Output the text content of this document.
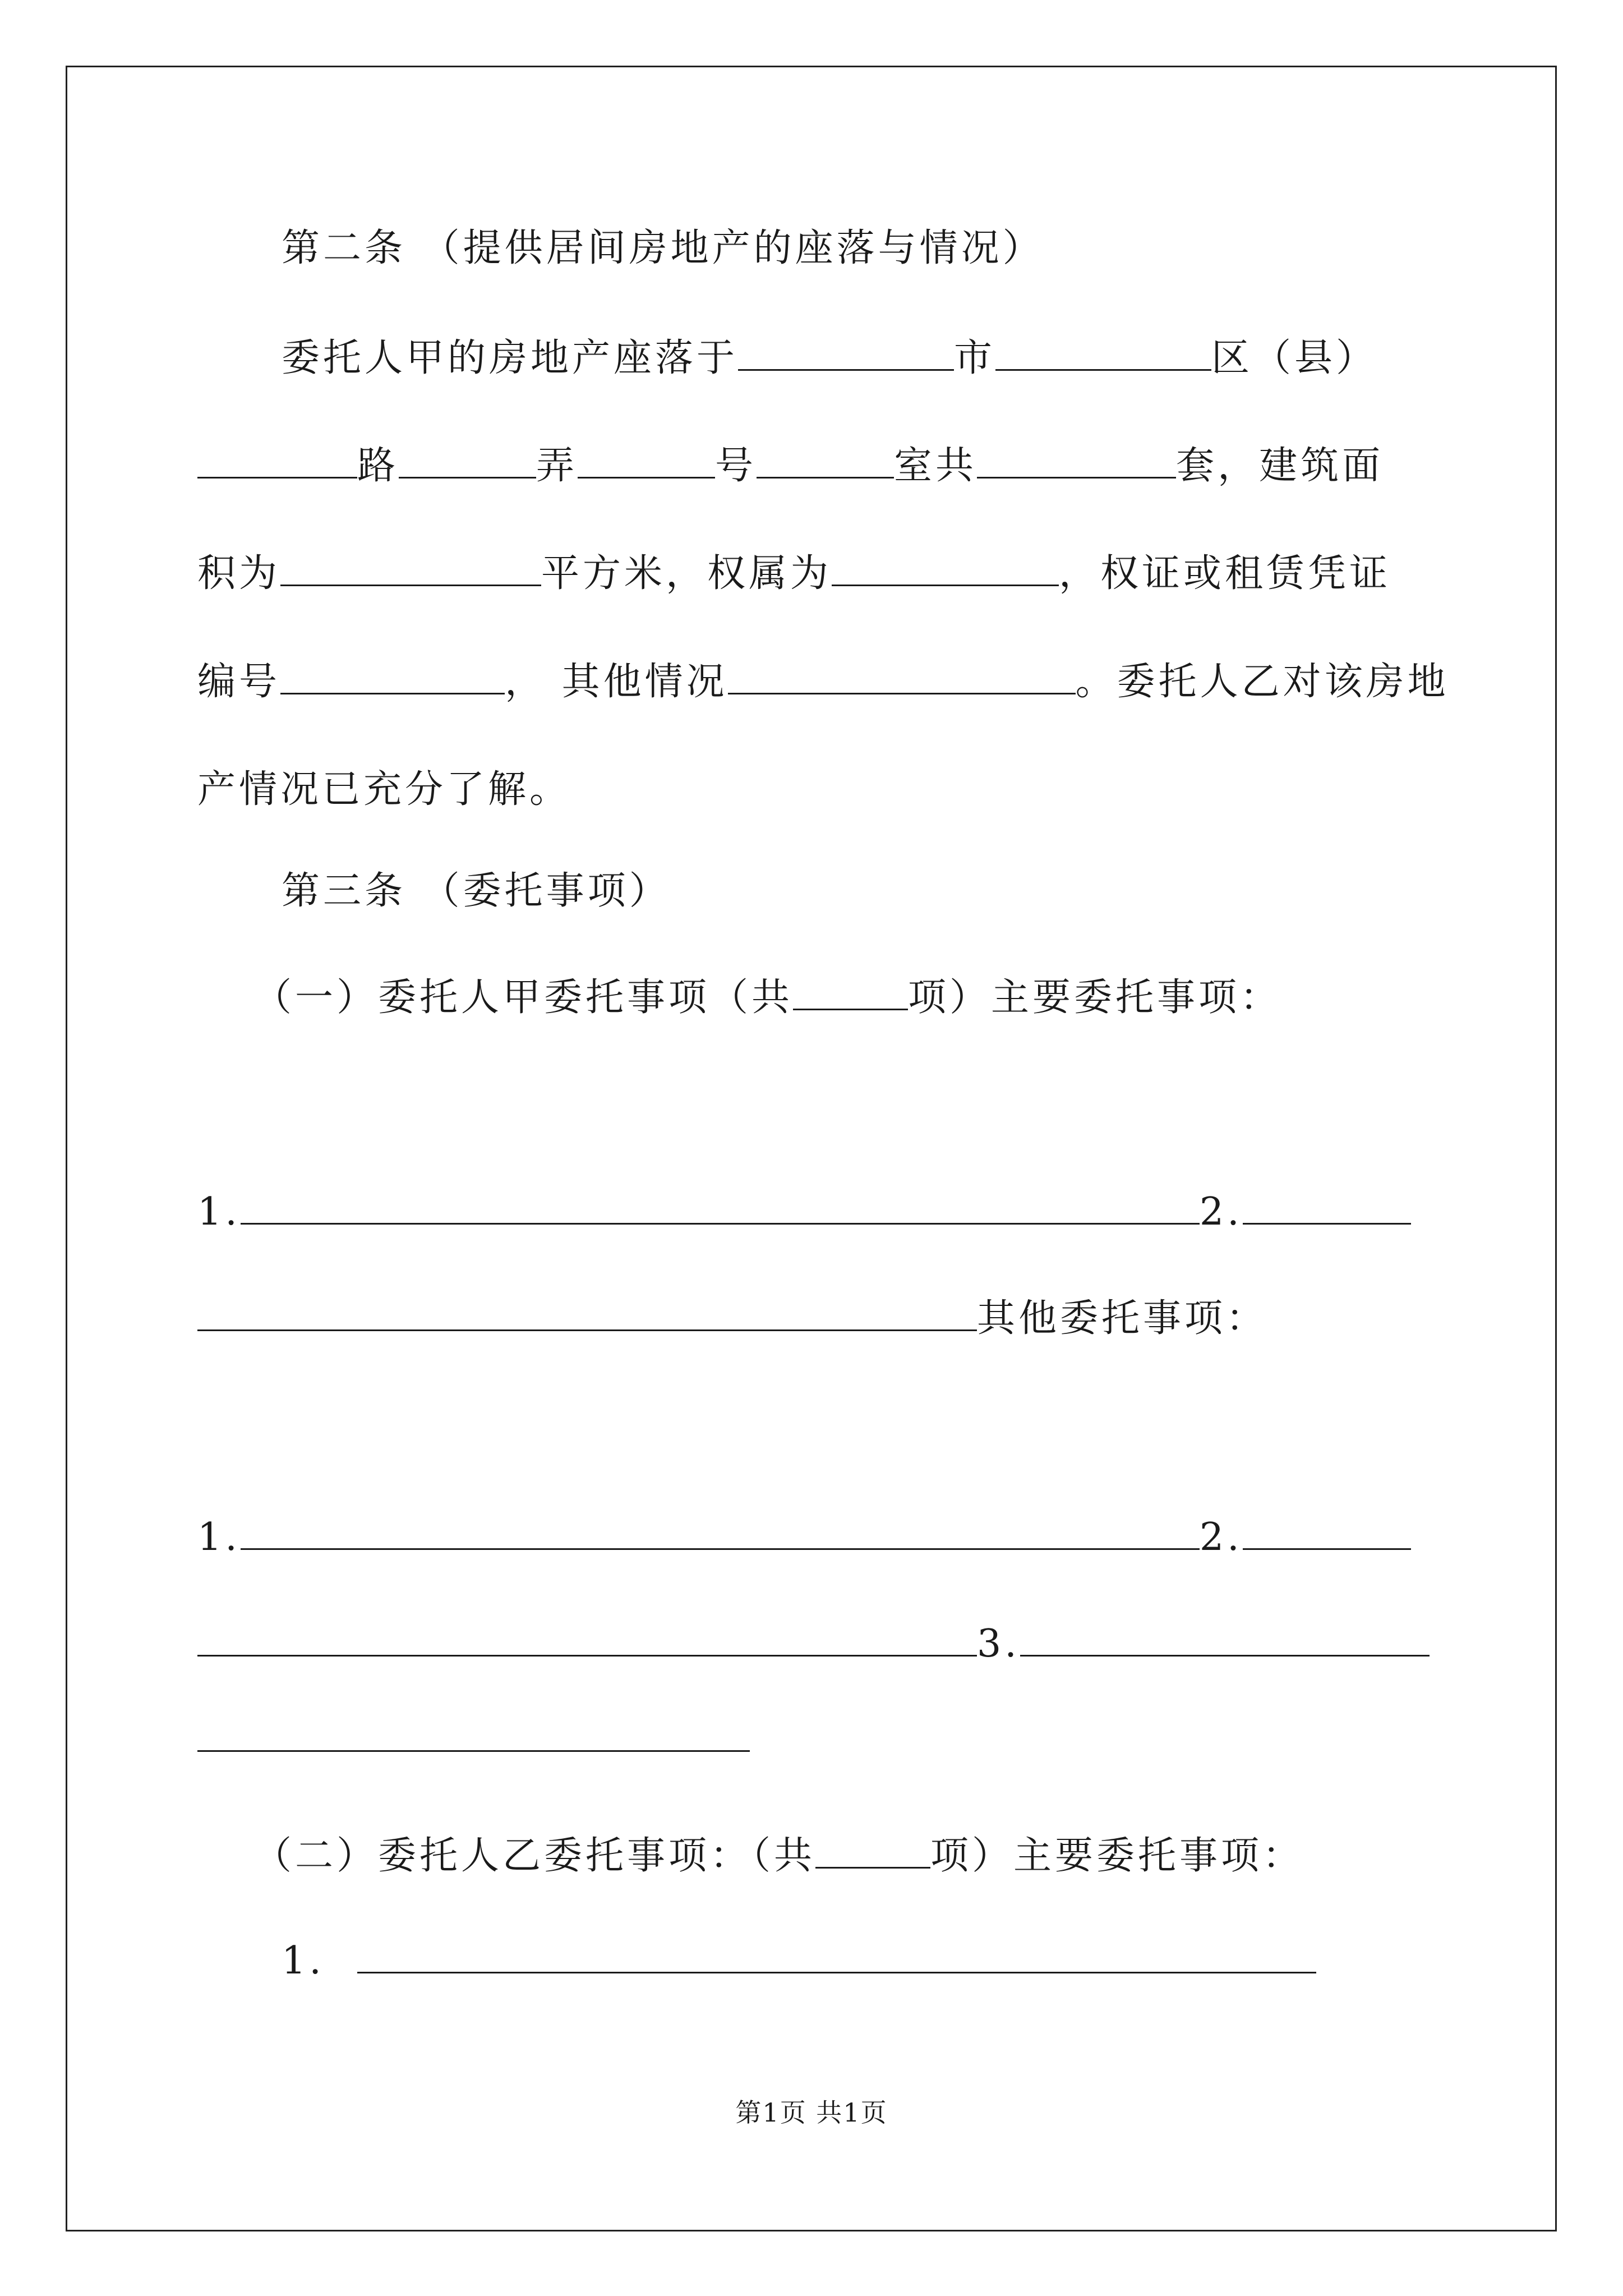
第二条 （提供居间房地产的座落与情况）
委托人甲的房地产座落于	市	区（县）
路	弄	号	室共	套，建筑面
积为	平方米，权属为	，权证或租赁凭证
编号	， 其他情况	。委托人乙对该房地
产情况已充分了解。
第三条 （委托事项）
（一）委托人甲委托事项（共	项）主要委托事项：
1.	2.
其他委托事项：
1.	2.
3.
（二）委托人乙委托事项：（共	项）主要委托事项：
1.
第1页 共1页
